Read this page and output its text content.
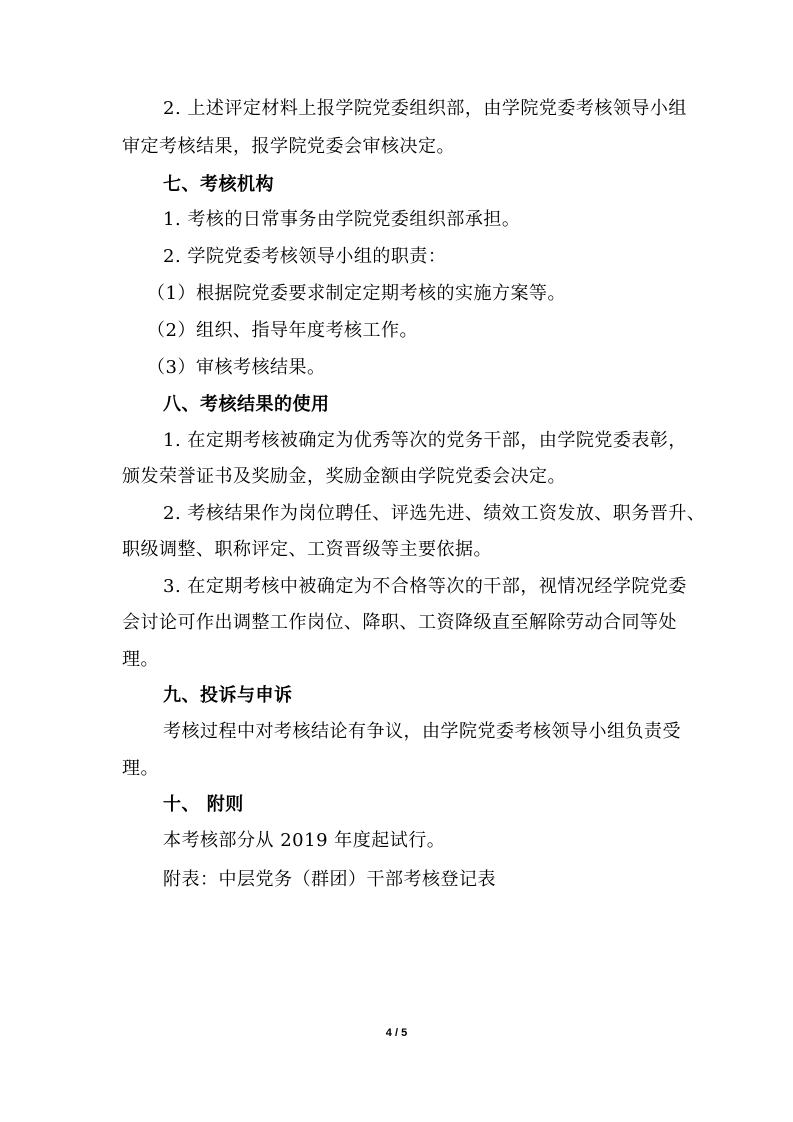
2. 上述评定材料上报学院党委组织部，由学院党委考核领导小组
审定考核结果，报学院党委会审核决定。
七、考核机构
1. 考核的日常事务由学院党委组织部承担。
2. 学院党委考核领导小组的职责：
（1）根据院党委要求制定定期考核的实施方案等。
（2）组织、指导年度考核工作。
（3）审核考核结果。
八、考核结果的使用
1. 在定期考核被确定为优秀等次的党务干部，由学院党委表彰，
颁发荣誉证书及奖励金，奖励金额由学院党委会决定。
2. 考核结果作为岗位聘任、评选先进、绩效工资发放、职务晋升、
职级调整、职称评定、工资晋级等主要依据。
3. 在定期考核中被确定为不合格等次的干部，视情况经学院党委
会讨论可作出调整工作岗位、降职、工资降级直至解除劳动合同等处
理。
九、投诉与申诉
考核过程中对考核结论有争议，由学院党委考核领导小组负责受
理。
十、 附则
本考核部分从 2019 年度起试行。
附表：中层党务（群团）干部考核登记表
4 / 5
